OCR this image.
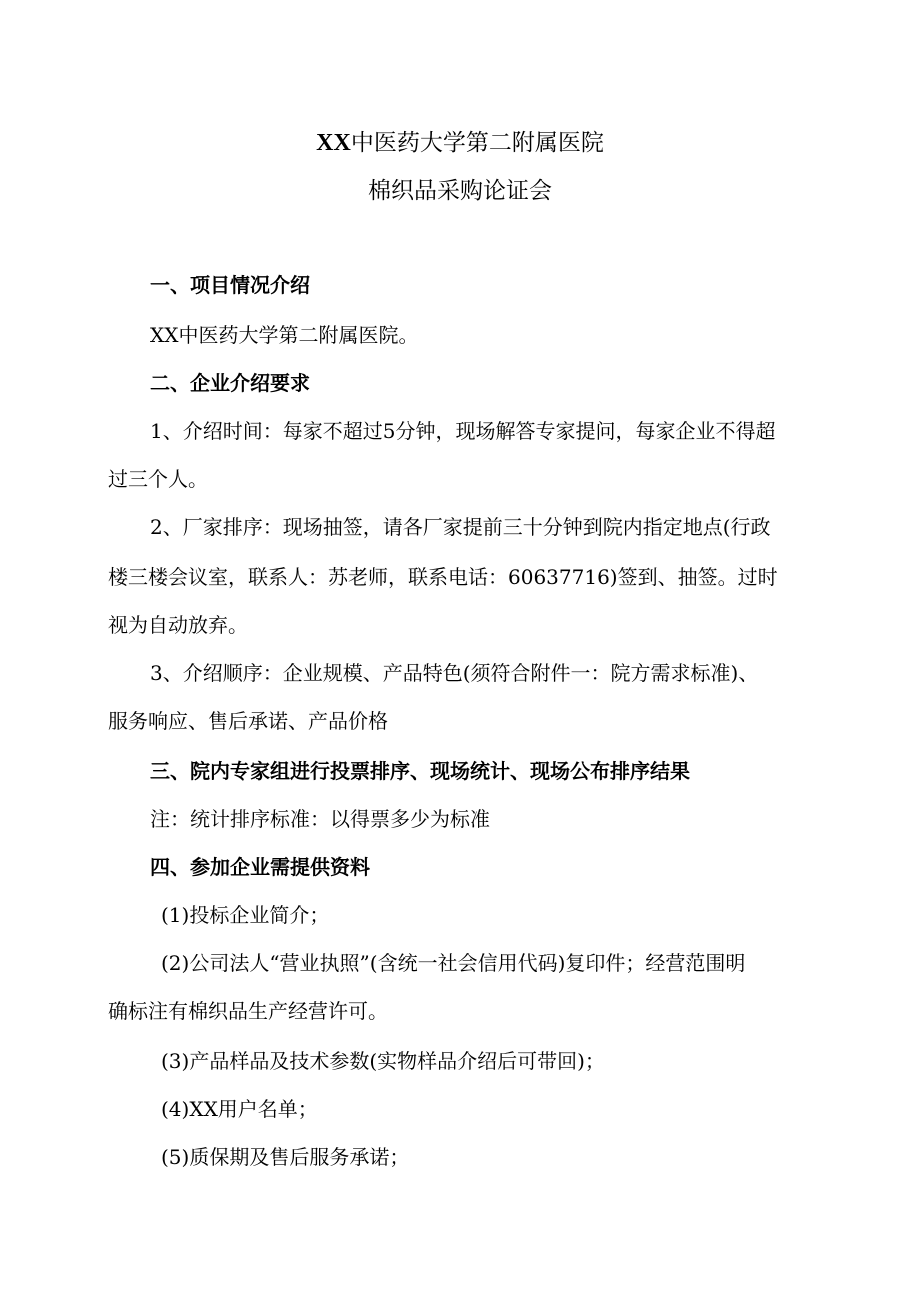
XX中医药大学第二附属医院
棉织品采购论证会
一、项目情况介绍
XX中医药大学第二附属医院。
二、企业介绍要求
1、介绍时间：每家不超过5分钟，现场解答专家提问，每家企业不得超
过三个人。
2、厂家排序：现场抽签，请各厂家提前三十分钟到院内指定地点(行政
楼三楼会议室，联系人：苏老师，联系电话：60637716)签到、抽签。过时
视为自动放弃。
3、介绍顺序：企业规模、产品特色(须符合附件一：院方需求标准)、
服务响应、售后承诺、产品价格
三、院内专家组进行投票排序、现场统计、现场公布排序结果
注：统计排序标准：以得票多少为标准
四、参加企业需提供资料
(1)投标企业简介；
(2)公司法人“营业执照”(含统一社会信用代码)复印件；经营范围明
确标注有棉织品生产经营许可。
(3)产品样品及技术参数(实物样品介绍后可带回)；
(4)XX用户名单；
(5)质保期及售后服务承诺；
